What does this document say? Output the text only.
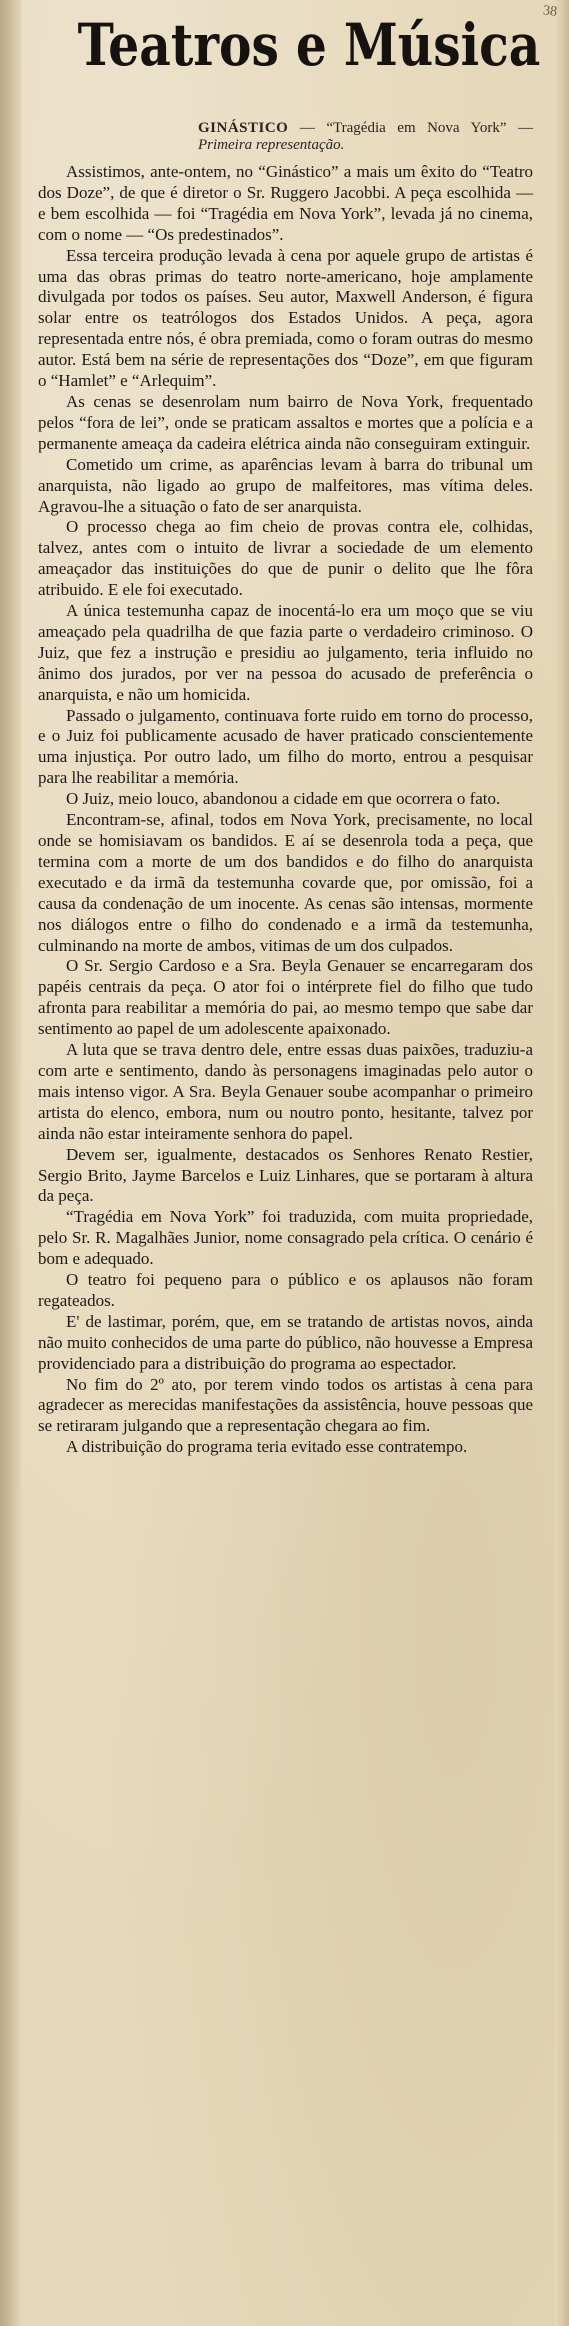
38
Teatros e Música
GINÁSTICO — “Tragédia em Nova York” — Primeira representação.

Assistimos, ante-ontem, no “Ginástico” a mais um êxito do “Teatro dos Doze”, de que é diretor o Sr. Ruggero Jacobbi. A peça escolhida — e bem escolhida — foi “Tragédia em Nova York”, levada já no cinema, com o nome — “Os predestinados”.

Essa terceira produção levada à cena por aquele grupo de artistas é uma das obras primas do teatro norte-americano, hoje amplamente divulgada por todos os países. Seu autor, Maxwell Anderson, é figura solar entre os teatrólogos dos Estados Unidos. A peça, agora representada entre nós, é obra premiada, como o foram outras do mesmo autor. Está bem na série de representações dos “Doze”, em que figuram o “Hamlet” e “Arlequim”.

As cenas se desenrolam num bairro de Nova York, frequentado pelos “fora de lei”, onde se praticam assaltos e mortes que a polícia e a permanente ameaça da cadeira elétrica ainda não conseguiram extinguir.

Cometido um crime, as aparências levam à barra do tribunal um anarquista, não ligado ao grupo de malfeitores, mas vítima deles. Agravou-lhe a situação o fato de ser anarquista.

O processo chega ao fim cheio de provas contra ele, colhidas, talvez, antes com o intuito de livrar a sociedade de um elemento ameaçador das instituições do que de punir o delito que lhe fôra atribuido. E ele foi executado.

A única testemunha capaz de inocentá-lo era um moço que se viu ameaçado pela quadrilha de que fazia parte o verdadeiro criminoso. O Juiz, que fez a instrução e presidiu ao julgamento, teria influido no ânimo dos jurados, por ver na pessoa do acusado de preferência o anarquista, e não um homicida.

Passado o julgamento, continuava forte ruido em torno do processo, e o Juiz foi publicamente acusado de haver praticado conscientemente uma injustiça. Por outro lado, um filho do morto, entrou a pesquisar para lhe reabilitar a memória.

O Juiz, meio louco, abandonou a cidade em que ocorrera o fato.

Encontram-se, afinal, todos em Nova York, precisamente, no local onde se homisiavam os bandidos. E aí se desenrola toda a peça, que termina com a morte de um dos bandidos e do filho do anarquista executado e da irmã da testemunha covarde que, por omissão, foi a causa da condenação de um inocente. As cenas são intensas, mormente nos diálogos entre o filho do condenado e a irmã da testemunha, culminando na morte de ambos, vitimas de um dos culpados.

O Sr. Sergio Cardoso e a Sra. Beyla Genauer se encarregaram dos papéis centrais da peça. O ator foi o intérprete fiel do filho que tudo afronta para reabilitar a memória do pai, ao mesmo tempo que sabe dar sentimento ao papel de um adolescente apaixonado.

A luta que se trava dentro dele, entre essas duas paixões, traduziu-a com arte e sentimento, dando às personagens imaginadas pelo autor o mais intenso vigor. A Sra. Beyla Genauer soube acompanhar o primeiro artista do elenco, embora, num ou noutro ponto, hesitante, talvez por ainda não estar inteiramente senhora do papel.

Devem ser, igualmente, destacados os Senhores Renato Restier, Sergio Brito, Jayme Barcelos e Luiz Linhares, que se portaram à altura da peça.

“Tragédia em Nova York” foi traduzida, com muita propriedade, pelo Sr. R. Magalhães Junior, nome consagrado pela crítica. O cenário é bom e adequado.

O teatro foi pequeno para o público e os aplausos não foram regateados.

E' de lastimar, porém, que, em se tratando de artistas novos, ainda não muito conhecidos de uma parte do público, não houvesse a Empresa providenciado para a distribuição do programa ao espectador.

No fim do 2º ato, por terem vindo todos os artistas à cena para agradecer as merecidas manifestações da assistência, houve pessoas que se retiraram julgando que a representação chegara ao fim.

A distribuição do programa teria evitado esse contratempo.
